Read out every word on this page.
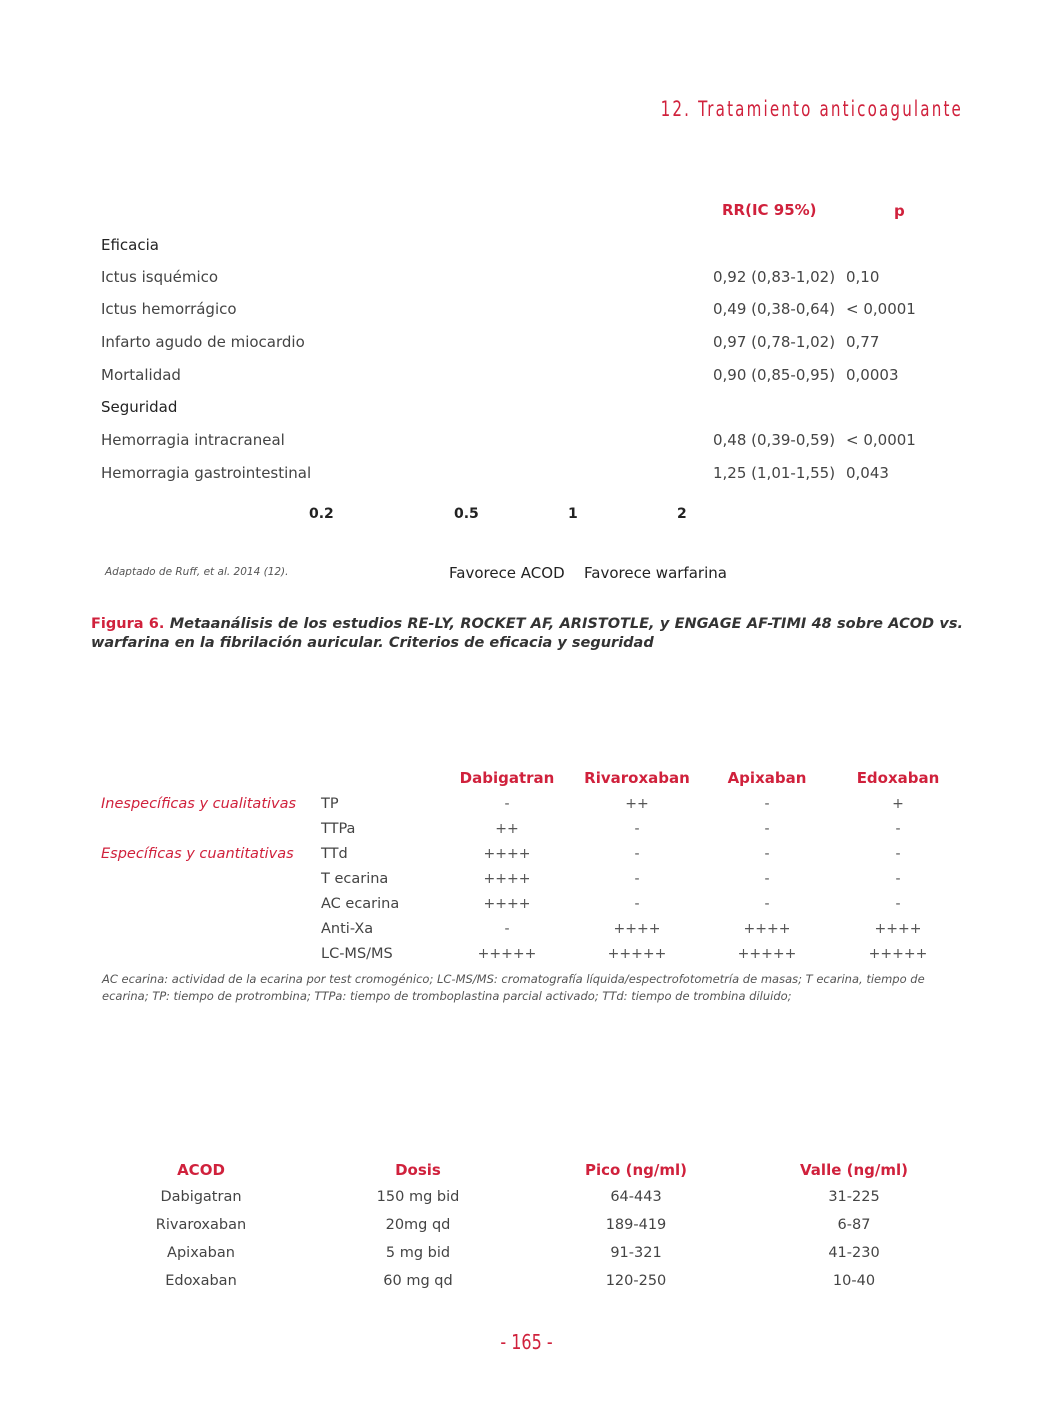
12. Tratamiento anticoagulante
RR(IC 95%)	p
Eficacia
Ictus isquémico	0,92 (0,83-1,02) 0,10
Ictus hemorrágico	0,49 (0,38-0,64) < 0,0001
Infarto agudo de miocardio	0,97 (0,78-1,02) 0,77
Mortalidad	0,90 (0,85-0,95) 0,0003
Seguridad
Hemorragia intracraneal	0,48 (0,39-0,59) < 0,0001
Hemorragia gastrointestinal	1,25 (1,01-1,55) 0,043
0.2	0.5	1	2
Adaptado de Ruff, et al. 2014 (12).	Favorece ACOD Favorece warfarina
Figura 6. Metaanálisis de los estudios RE-LY, ROCKET AF, ARISTOTLE, y ENGAGE AF-TIMI 48 sobre ACOD vs. warfarina en la fibrilación auricular. Criterios de eficacia y seguridad
Dabigatran	Rivaroxaban	Apixaban	Edoxaban
Inespecíficas y cualitativas
Específicas y cuantitativas
TP	-	++	-	+
TTPa	++	-	-	-
TTd	++++	-	-	-
T ecarina	++++	-	-	-
AC ecarina	++++	-	-	-
Anti-Xa	-	++++	++++	++++
LC-MS/MS	+++++	+++++	+++++	+++++
AC ecarina: actividad de la ecarina por test cromogénico; LC-MS/MS: cromatografía líquida/espectrofotometría de masas; T ecarina, tiempo de ecarina; TP: tiempo de protrombina; TTPa: tiempo de tromboplastina parcial activado; TTd: tiempo de trombina diluido;
ACOD	Dosis	Pico (ng/ml)	Valle (ng/ml)
Dabigatran	150 mg bid	64-443	31-225
Rivaroxaban	20mg qd	189-419	6-87
Apixaban	5 mg bid	91-321	41-230
Edoxaban	60 mg qd	120-250	10-40
- 165 -
